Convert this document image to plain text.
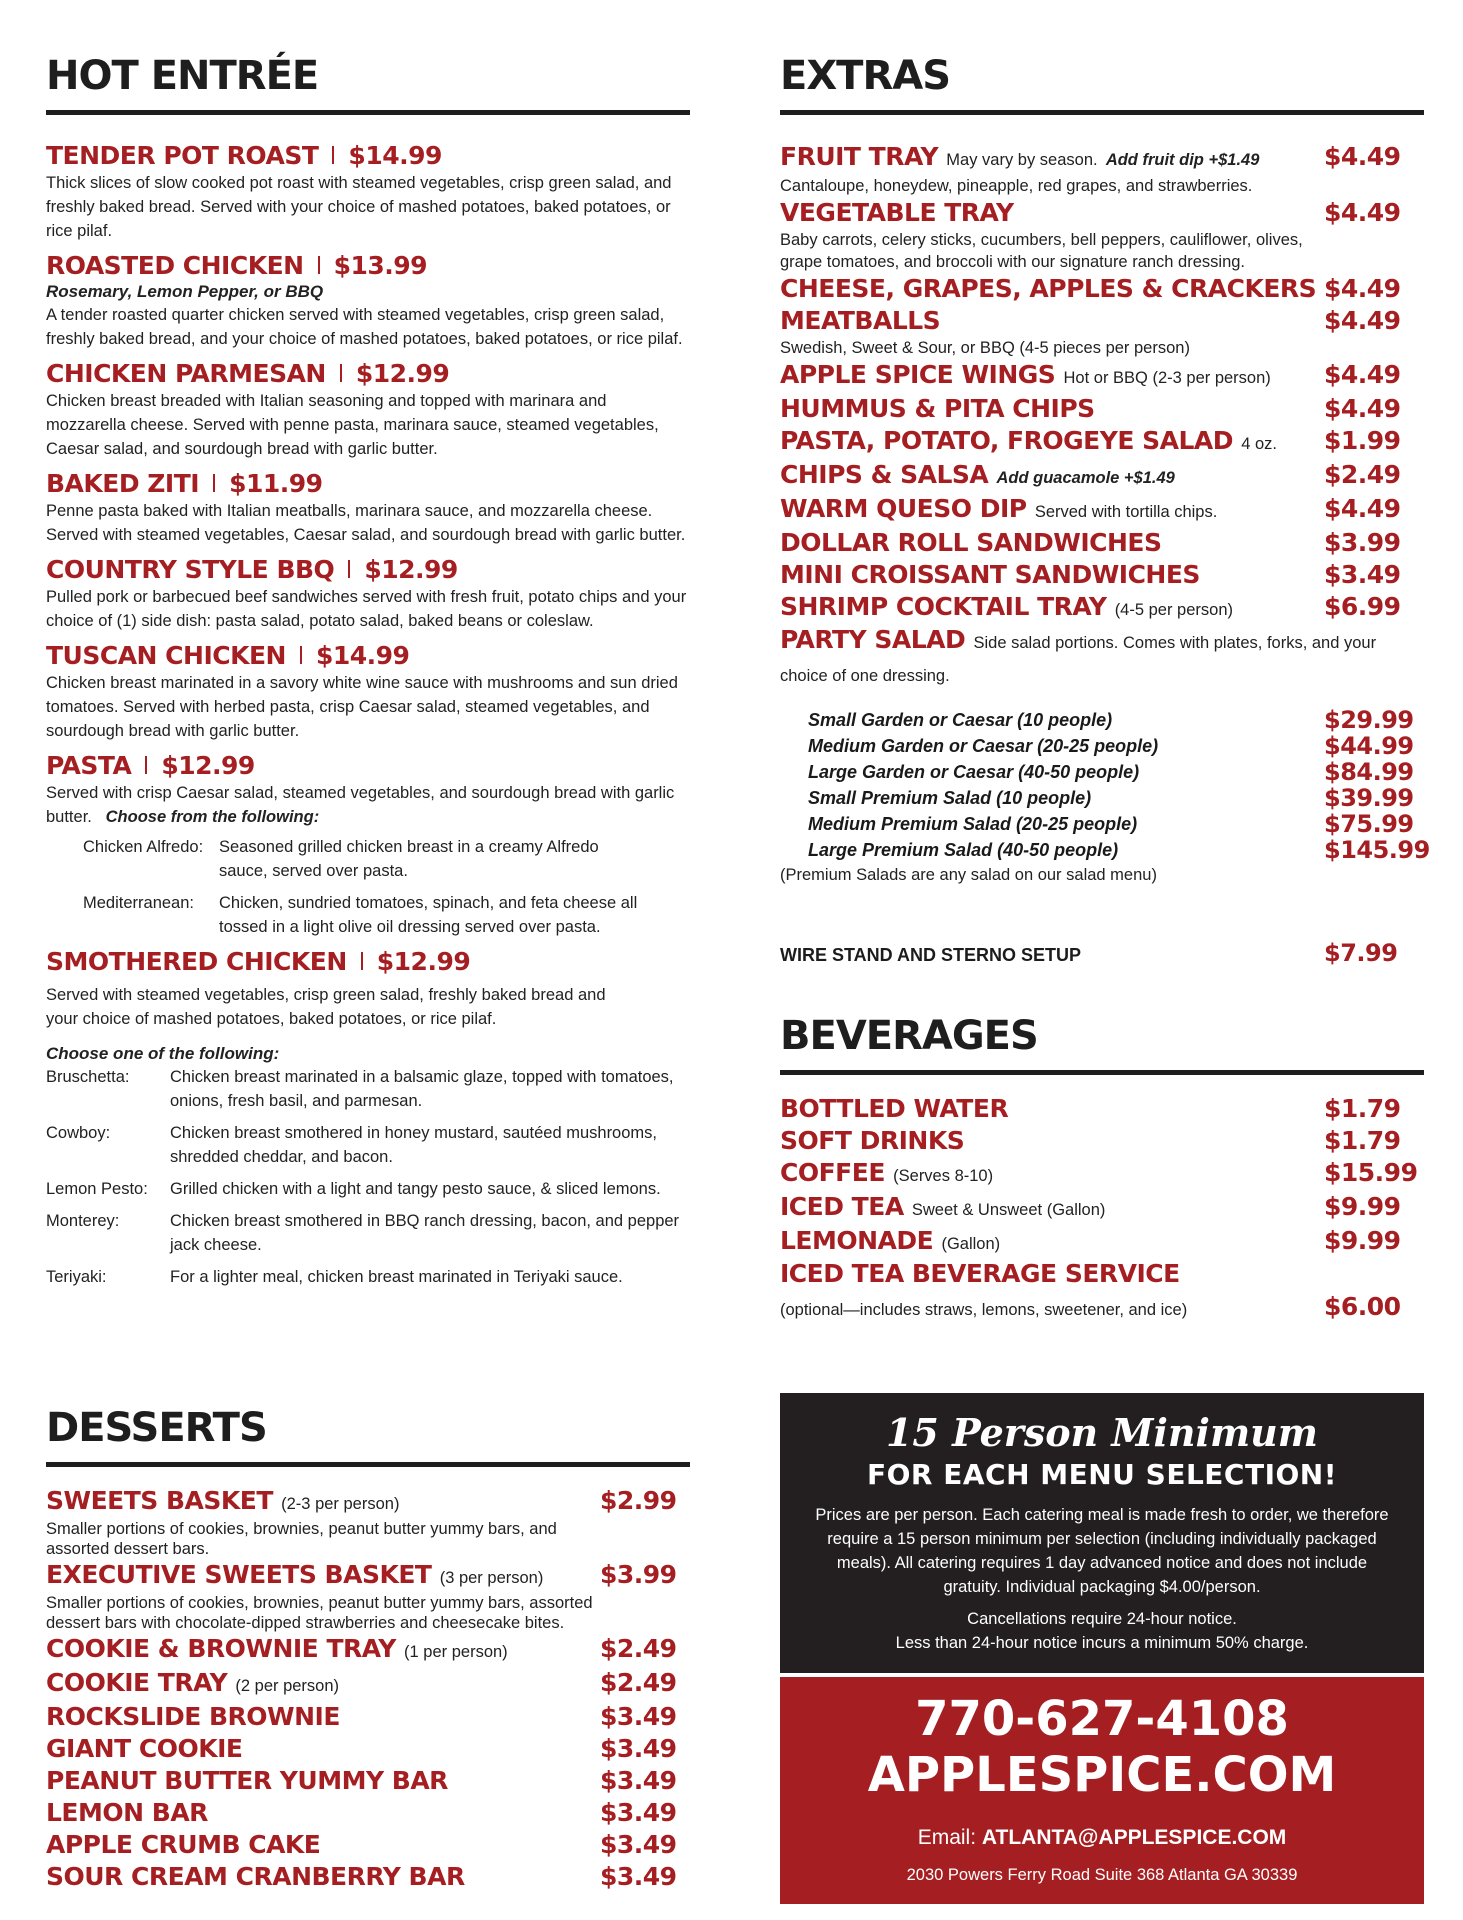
HOT ENTRÉE
TENDER POT ROAST $14.99
Thick slices of slow cooked pot roast with steamed vegetables, crisp green salad, and freshly baked bread. Served with your choice of mashed potatoes, baked potatoes, or rice pilaf.
ROASTED CHICKEN $13.99
Rosemary, Lemon Pepper, or BBQ
A tender roasted quarter chicken served with steamed vegetables, crisp green salad, freshly baked bread, and your choice of mashed potatoes, baked potatoes, or rice pilaf.
CHICKEN PARMESAN $12.99
Chicken breast breaded with Italian seasoning and topped with marinara and mozzarella cheese. Served with penne pasta, marinara sauce, steamed vegetables, Caesar salad, and sourdough bread with garlic butter.
BAKED ZITI $11.99
Penne pasta baked with Italian meatballs, marinara sauce, and mozzarella cheese. Served with steamed vegetables, Caesar salad, and sourdough bread with garlic butter.
COUNTRY STYLE BBQ $12.99
Pulled pork or barbecued beef sandwiches served with fresh fruit, potato chips and your choice of (1) side dish: pasta salad, potato salad, baked beans or coleslaw.
TUSCAN CHICKEN $14.99
Chicken breast marinated in a savory white wine sauce with mushrooms and sun dried tomatoes. Served with herbed pasta, crisp Caesar salad, steamed vegetables, and sourdough bread with garlic butter.
PASTA $12.99
Served with crisp Caesar salad, steamed vegetables, and sourdough bread with garlic butter. Choose from the following:
Chicken Alfredo: Seasoned grilled chicken breast in a creamy Alfredo sauce, served over pasta.
Mediterranean:	Chicken, sundried tomatoes, spinach, and feta cheese all tossed in a light olive oil dressing served over pasta.
SMOTHERED CHICKEN $12.99
Served with steamed vegetables, crisp green salad, freshly baked bread and your choice of mashed potatoes, baked potatoes, or rice pilaf.
Choose one of the following:
Bruschetta:	Chicken breast marinated in a balsamic glaze, topped with tomatoes, onions, fresh basil, and parmesan.
Cowboy:	Chicken breast smothered in honey mustard, sautéed mushrooms, shredded cheddar, and bacon.
Lemon Pesto:	Grilled chicken with a light and tangy pesto sauce, & sliced lemons.
Monterey:	Chicken breast smothered in BBQ ranch dressing, bacon, and pepper jack cheese.
Teriyaki:	For a lighter meal, chicken breast marinated in Teriyaki sauce.
DESSERTS
SWEETS BASKET (2-3 per person)	$2.99
Smaller portions of cookies, brownies, peanut butter yummy bars, and assorted dessert bars.
EXECUTIVE SWEETS BASKET (3 per person) $3.99
Smaller portions of cookies, brownies, peanut butter yummy bars, assorted dessert bars with chocolate-dipped strawberries and cheesecake bites.
COOKIE & BROWNIE TRAY (1 per person)	$2.49
COOKIE TRAY (2 per person)	$2.49
ROCKSLIDE BROWNIE	$3.49
GIANT COOKIE	$3.49
PEANUT BUTTER YUMMY BAR	$3.49
LEMON BAR	$3.49
APPLE CRUMB CAKE	$3.49
SOUR CREAM CRANBERRY BAR	$3.49
EXTRAS
FRUIT TRAY May vary by season. Add fruit dip +$1.49	$4.49
Cantaloupe, honeydew, pineapple, red grapes, and strawberries.
VEGETABLE TRAY	$4.49
Baby carrots, celery sticks, cucumbers, bell peppers, cauliflower, olives, grape tomatoes, and broccoli with our signature ranch dressing.
CHEESE, GRAPES, APPLES & CRACKERS $4.49
MEATBALLS	$4.49
Swedish, Sweet & Sour, or BBQ (4-5 pieces per person)
APPLE SPICE WINGS Hot or BBQ (2-3 per person) $4.49
HUMMUS & PITA CHIPS	$4.49
PASTA, POTATO, FROGEYE SALAD 4 oz. $1.99
CHIPS & SALSA Add guacamole +$1.49	$2.49
WARM QUESO DIP Served with tortilla chips.	$4.49
DOLLAR ROLL SANDWICHES	$3.99
MINI CROISSANT SANDWICHES	$3.49
SHRIMP COCKTAIL TRAY (4-5 per person)	$6.99
PARTY SALAD Side salad portions. Comes with plates, forks, and your choice of one dressing.
Small Garden or Caesar (10 people)	$29.99
Medium Garden or Caesar (20-25 people)	$44.99
Large Garden or Caesar (40-50 people)	$84.99
Small Premium Salad (10 people)	$39.99
Medium Premium Salad (20-25 people)	$75.99
Large Premium Salad (40-50 people)	$145.99
(Premium Salads are any salad on our salad menu)
WIRE STAND AND STERNO SETUP	$7.99
BEVERAGES
BOTTLED WATER	$1.79
SOFT DRINKS	$1.79
COFFEE (Serves 8-10)	$15.99
ICED TEA Sweet & Unsweet (Gallon)	$9.99
LEMONADE (Gallon)	$9.99
ICED TEA BEVERAGE SERVICE
(optional—includes straws, lemons, sweetener, and ice)	$6.00
15 Person Minimum
FOR EACH MENU SELECTION!
Prices are per person. Each catering meal is made fresh to order, we therefore require a 15 person minimum per selection (including individually packaged meals). All catering requires 1 day advanced notice and does not include gratuity. Individual packaging $4.00/person.
Cancellations require 24-hour notice.
Less than 24-hour notice incurs a minimum 50% charge.
770-627-4108
APPLESPICE.COM
Email: ATLANTA@APPLESPICE.COM
2030 Powers Ferry Road Suite 368 Atlanta GA 30339
